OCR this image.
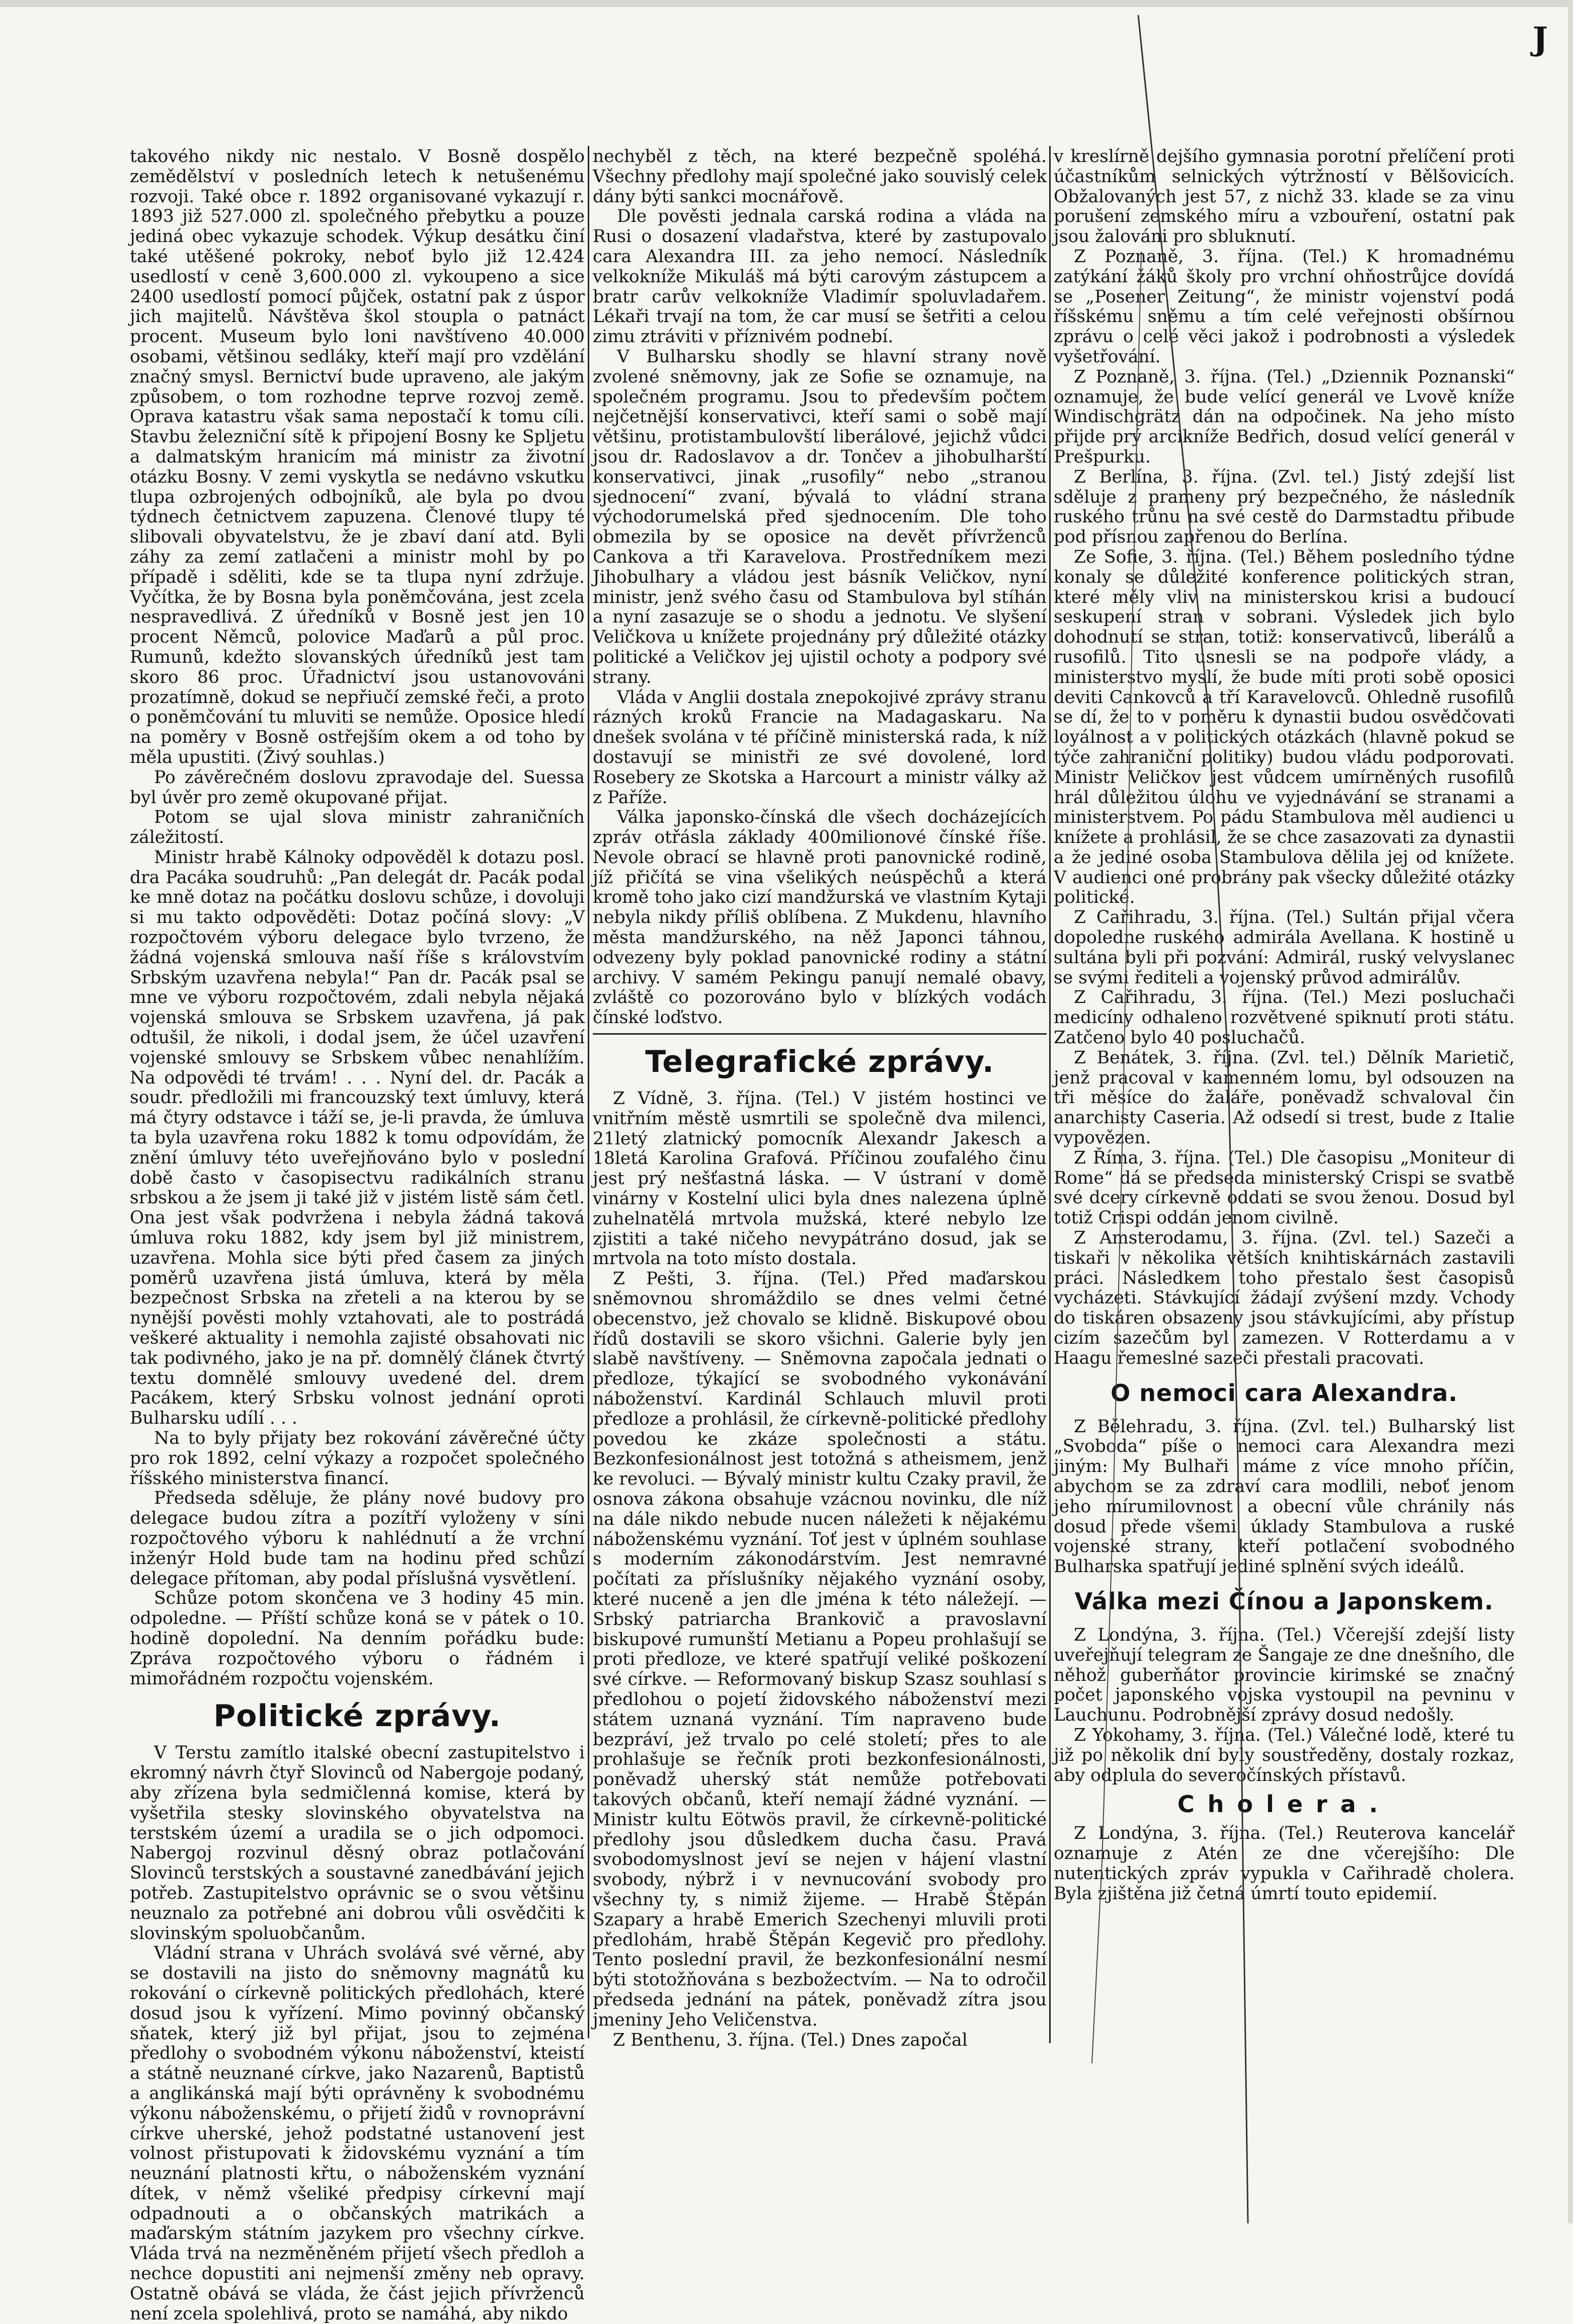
J

takového nikdy nic nestalo. V Bosně dospělo zemědělství v posledních letech k netušenému rozvoji. Také obce r. 1892 organisované vykazují r. 1893 již 527.000 zl. společného přebytku a pouze jediná obec vykazuje schodek. Výkup desátku činí také utěšené pokroky, neboť bylo již 12.424 usedlostí v ceně 3,600.000 zl. vykoupeno a sice 2400 usedlostí pomocí půjček, ostatní pak z úspor jich majitelů. Návštěva škol stoupla o patnáct procent. Museum bylo loni navštíveno 40.000 osobami, většinou sedláky, kteří mají pro vzdělání značný smysl. Bernictví bude upraveno, ale jakým způsobem, o tom rozhodne teprve rozvoj země. Oprava katastru však sama nepostačí k tomu cíli. Stavbu železniční sítě k připojení Bosny ke Spljetu a dalmatským hranicím má ministr za životní otázku Bosny. V zemi vyskytla se nedávno vskutku tlupa ozbrojených odbojníků, ale byla po dvou týdnech četnictvem zapuzena. Členové tlupy té slibovali obyvatelstvu, že je zbaví daní atd. Byli záhy za zemí zatlačeni a ministr mohl by po případě i sděliti, kde se ta tlupa nyní zdržuje. Vyčítka, že by Bosna byla poněmčována, jest zcela nespravedlivá. Z úředníků v Bosně jest jen 10 procent Němců, polovice Maďarů a půl proc. Rumunů, kdežto slovanských úředníků jest tam skoro 86 proc. Úřadnictví jsou ustanovováni prozatímně, dokud se nepřiučí zemské řeči, a proto o poněmčování tu mluviti se nemůže. Oposice hledí na poměry v Bosně ostřejším okem a od toho by měla upustiti. (Živý souhlas.)

Po závěrečném doslovu zpravodaje del. Suessa byl úvěr pro země okupované přijat.

Potom se ujal slova ministr zahraničních záležitostí.

Ministr hrabě Kálnoky odpověděl k dotazu posl. dra Pacáka soudruhů: „Pan delegát dr. Pacák podal ke mně dotaz na počátku doslovu schůze, i dovoluji si mu takto odpověděti: Dotaz počíná slovy: „V rozpočtovém výboru delegace bylo tvrzeno, že žádná vojenská smlouva naší říše s královstvím Srbským uzavřena nebyla!“ Pan dr. Pacák psal se mne ve výboru rozpočtovém, zdali nebyla nějaká vojenská smlouva se Srbskem uzavřena, já pak odtušil, že nikoli, i dodal jsem, že účel uzavření vojenské smlouvy se Srbskem vůbec nenahlížím. Na odpovědi té trvám! . . . Nyní del. dr. Pacák a soudr. předložili mi francouzský text úmluvy, která má čtyry odstavce i táží se, je-li pravda, že úmluva ta byla uzavřena roku 1882 k tomu odpovídám, že znění úmluvy této uveřejňováno bylo v poslední době často v časopisectvu radikálních stranu srbskou a že jsem ji také již v jistém listě sám četl. Ona jest však podvržena i nebyla žádná taková úmluva roku 1882, kdy jsem byl již ministrem, uzavřena. Mohla sice býti před časem za jiných poměrů uzavřena jistá úmluva, která by měla bezpečnost Srbska na zřeteli a na kterou by se nynější pověsti mohly vztahovati, ale to postrádá veškeré aktuality i nemohla zajisté obsahovati nic tak podivného, jako je na př. domnělý článek čtvrtý textu domnělé smlouvy uvedené del. drem Pacákem, který Srbsku volnost jednání oproti Bulharsku udílí . . .

Na to byly přijaty bez rokování závěrečné účty pro rok 1892, celní výkazy a rozpočet společného říšského ministerstva financí.

Předseda sděluje, že plány nové budovy pro delegace budou zítra a pozítří vyloženy v síni rozpočtového výboru k nahlédnutí a že vrchní inženýr Hold bude tam na hodinu před schůzí delegace přítoman, aby podal příslušná vysvětlení.

Schůze potom skončena ve 3 hodiny 45 min. odpoledne. — Příští schůze koná se v pátek o 10. hodině dopolední. Na denním pořádku bude: Zpráva rozpočtového výboru o řádném i mimořádném rozpočtu vojenském.

Politické zprávy.

V Terstu zamítlo italské obecní zastupitelstvo i ekromný návrh čtyř Slovinců od Nabergoje podaný, aby zřízena byla sedmičlenná komise, která by vyšetřila stesky slovinského obyvatelstva na terstském území a uradila se o jich odpomoci. Nabergoj rozvinul děsný obraz potlačování Slovinců terstských a soustavné zanedbávání jejich potřeb. Zastupitelstvo oprávnic se o svou většinu neuznalo za potřebné ani dobrou vůli osvědčiti k slovinským spoluobčanům.

Vládní strana v Uhrách svolává své věrné, aby se dostavili na jisto do sněmovny magnátů ku rokování o církevně politických předlohách, které dosud jsou k vyřízení. Mimo povinný občanský sňatek, který již byl přijat, jsou to zejména předlohy o svobodném výkonu náboženství, kteistí a státně neuznané církve, jako Nazarenů, Baptistů a anglikánská mají býti oprávněny k svobodnému výkonu náboženskému, o přijetí židů v rovnoprávní církve uherské, jehož podstatné ustanovení jest volnost přistupovati k židovskému vyznání a tím neuznání platnosti křtu, o náboženském vyznání dítek, v němž všeliké předpisy církevní mají odpadnouti a o občanských matrikách a maďarským státním jazykem pro všechny církve. Vláda trvá na nezměněném přijetí všech předloh a nechce dopustiti ani nejmenší změny neb opravy. Ostatně obává se vláda, že část jejich přívrženců není zcela spolehlivá, proto se namáhá, aby nikdo

nechyběl z těch, na které bezpečně spoléhá. Všechny předlohy mají společné jako souvislý celek dány býti sankci mocnářově.

Dle pověsti jednala carská rodina a vláda na Rusi o dosazení vladařstva, které by zastupovalo cara Alexandra III. za jeho nemocí. Následník velkokníže Mikuláš má býti carovým zástupcem a bratr carův velkokníže Vladimír spoluvladařem. Lékaři trvají na tom, že car musí se šetřiti a celou zimu ztráviti v příznivém podnebí.

V Bulharsku shodly se hlavní strany nově zvolené sněmovny, jak ze Sofie se oznamuje, na společném programu. Jsou to především počtem nejčetnější konservativci, kteří sami o sobě mají většinu, protistambulovští liberálové, jejichž vůdci jsou dr. Radoslavov a dr. Tončev a jihobulharští konservativci, jinak „rusofily“ nebo „stranou sjednocení“ zvaní, bývalá to vládní strana východorumelská před sjednocením. Dle toho obmezila by se oposice na devět přívrženců Cankova a tři Karavelova. Prostředníkem mezi Jihobulhary a vládou jest básník Veličkov, nyní ministr, jenž svého času od Stambulova byl stíhán a nyní zasazuje se o shodu a jednotu. Ve slyšení Veličkova u knížete projednány prý důležité otázky politické a Veličkov jej ujistil ochoty a podpory své strany.

Vláda v Anglii dostala znepokojivé zprávy stranu rázných kroků Francie na Madagaskaru. Na dnešek svolána v té příčině ministerská rada, k níž dostavují se ministři ze své dovolené, lord Rosebery ze Skotska a Harcourt a ministr války až z Paříže.

Válka japonsko-čínská dle všech docházejících zpráv otřásla základy 400milionové čínské říše. Nevole obrací se hlavně proti panovnické rodině, jíž přičítá se vina všelikých neúspěchů a která kromě toho jako cizí mandžurská ve vlastním Kytaji nebyla nikdy příliš oblíbena. Z Mukdenu, hlavního města mandžurského, na něž Japonci táhnou, odvezeny byly poklad panovnické rodiny a státní archivy. V samém Pekingu panují nemalé obavy, zvláště co pozorováno bylo v blízkých vodách čínské loďstvo.

Telegrafické zprávy.

Z Vídně, 3. října. (Tel.) V jistém hostinci ve vnitřním městě usmrtili se společně dva milenci, 21letý zlatnický pomocník Alexandr Jakesch a 18letá Karolina Grafová. Příčinou zoufalého činu jest prý nešťastná láska. — V ústraní v domě vinárny v Kostelní ulici byla dnes nalezena úplně zuhelnatělá mrtvola mužská, které nebylo lze zjistiti a také ničeho nevypátráno dosud, jak se mrtvola na toto místo dostala.

Z Pešti, 3. října. (Tel.) Před maďarskou sněmovnou shromáždilo se dnes velmi četné obecenstvo, jež chovalo se klidně. Biskupové obou řídů dostavili se skoro všichni. Galerie byly jen slabě navštíveny. — Sněmovna započala jednati o předloze, týkající se svobodného vykonávání náboženství. Kardinál Schlauch mluvil proti předloze a prohlásil, že církevně-politické předlohy povedou ke zkáze společnosti a státu. Bezkonfesionálnost jest totožná s atheismem, jenž ke revoluci. — Bývalý ministr kultu Czaky pravil, že osnova zákona obsahuje vzácnou novinku, dle níž na dále nikdo nebude nucen náležeti k nějakému náboženskému vyznání. Toť jest v úplném souhlase s moderním zákonodárstvím. Jest nemravné počítati za příslušníky nějakého vyznání osoby, které nuceně a jen dle jména k této náležejí. — Srbský patriarcha Brankovič a pravoslavní biskupové rumunští Metianu a Popeu prohlašují se proti předloze, ve které spatřují veliké poškození své církve. — Reformovaný biskup Szasz souhlasí s předlohou o pojetí židovského náboženství mezi státem uznaná vyznání. Tím napraveno bude bezpráví, jež trvalo po celé století; přes to ale prohlašuje se řečník proti bezkonfesionálnosti, poněvadž uherský stát nemůže potřebovati takových občanů, kteří nemají žádné vyznání. — Ministr kultu Eötwös pravil, že církevně-politické předlohy jsou důsledkem ducha času. Pravá svobodomyslnost jeví se nejen v hájení vlastní svobody, nýbrž i v nevnucování svobody pro všechny ty, s nimiž žijeme. — Hrabě Štěpán Szapary a hrabě Emerich Szechenyi mluvili proti předlohám, hrabě Štěpán Kegevič pro předlohy. Tento poslední pravil, že bezkonfesionální nesmí býti stotožňována s bezbožectvím. — Na to odročil předseda jednání na pátek, poněvadž zítra jsou jmeniny Jeho Veličenstva.

Z Benthenu, 3. října. (Tel.) Dnes započal

v kreslírně dejšího gymnasia porotní přelíčení proti účastníkům selnických výtržností v Bělšovicích. Obžalovaných jest 57, z nichž 33. klade se za vinu porušení zemského míru a vzbouření, ostatní pak jsou žalováni pro sbluknutí.

Z Poznaně, 3. října. (Tel.) K hromadnému zatýkání žáků školy pro vrchní ohňostrůjce dovídá se „Posener Zeitung“, že ministr vojenství podá říšskému sněmu a tím celé veřejnosti obšírnou zprávu o celé věci jakož i podrobnosti a výsledek vyšetřování.

Z Poznaně, 3. října. (Tel.) „Dziennik Poznanski“ oznamuje, že bude velící generál ve Lvově kníže Windischgrätz dán na odpočinek. Na jeho místo přijde prý arcikníže Bedřich, dosud velící generál v Prešpurku.

Z Berlína, 3. října. (Zvl. tel.) Jistý zdejší list sděluje z prameny prý bezpečného, že následník ruského trůnu na své cestě do Darmstadtu přibude pod přísnou zapřenou do Berlína.

Ze Sofie, 3. října. (Tel.) Během posledního týdne konaly se důležité konference politických stran, které měly vliv na ministerskou krisi a budoucí seskupení stran v sobrani. Výsledek jich bylo dohodnutí se stran, totiž: konservativců, liberálů a rusofilů. Tito usnesli se na podpoře vlády, a ministerstvo myslí, že bude míti proti sobě oposici deviti Cankovců a tří Karavelovců. Ohledně rusofilů se dí, že to v poměru k dynastii budou osvědčovati loyálnost a v politických otázkách (hlavně pokud se týče zahraniční politiky) budou vládu podporovati. Ministr Veličkov jest vůdcem umírněných rusofilů hrál důležitou úlohu ve vyjednávání se stranami a ministerstvem. Po pádu Stambulova měl audienci u knížete a prohlásil, že se chce zasazovati za dynastii a že jediné osoba Stambulova dělila jej od knížete. V audienci oné probrány pak všecky důležité otázky politické.

Z Cařihradu, 3. října. (Tel.) Sultán přijal včera dopoledne ruského admirála Avellana. K hostině u sultána byli při pozvání: Admirál, ruský velvyslanec se svými řediteli a vojenský průvod admirálův.

Z Cařihradu, 3. října. (Tel.) Mezi posluchači medicíny odhaleno rozvětvené spiknutí proti státu. Zatčeno bylo 40 posluchačů.

Z Benátek, 3. října. (Zvl. tel.) Dělník Marietič, jenž pracoval v kamenném lomu, byl odsouzen na tři měsíce do žaláře, poněvadž schvaloval čin anarchisty Caseria. Až odsedí si trest, bude z Italie vypovězen.

Z Říma, 3. října. (Tel.) Dle časopisu „Moniteur di Rome“ dá se předseda ministerský Crispi se svatbě své dcery církevně oddati se svou ženou. Dosud byl totiž Crispi oddán jenom civilně.

Z Amsterodamu, 3. října. (Zvl. tel.) Sazeči a tiskaři v několika větších knihtiskárnách zastavili práci. Následkem toho přestalo šest časopisů vycházeti. Stávkující žádají zvýšení mzdy. Vchody do tiskáren obsazeny jsou stávkujícími, aby přístup cizím sazečům byl zamezen. V Rotterdamu a v Haagu řemeslné sazeči přestali pracovati.

O nemoci cara Alexandra.

Z Bělehradu, 3. října. (Zvl. tel.) Bulharský list „Svoboda“ píše o nemoci cara Alexandra mezi jiným: My Bulhaři máme z více mnoho příčin, abychom se za zdraví cara modlili, neboť jenom jeho mírumilovnost a obecní vůle chránily nás dosud přede všemi úklady Stambulova a ruské vojenské strany, kteří potlačení svobodného Bulharska spatřují jediné splnění svých ideálů.

Válka mezi Čínou a Japonskem.

Z Londýna, 3. října. (Tel.) Včerejší zdejší listy uveřejňují telegram ze Šangaje ze dne dnešního, dle něhož guberňátor provincie kirimské se značný počet japonského vojska vystoupil na pevninu v Lauchunu. Podrobnější zprávy dosud nedošly.

Z Yokohamy, 3. října. (Tel.) Válečné lodě, které tu již po několik dní byly soustředěny, dostaly rozkaz, aby odplula do severočínských přístavů.

Cholera.

Z Londýna, 3. října. (Tel.) Reuterova kancelář oznamuje z Atén ze dne včerejšího: Dle nutentických zpráv vypukla v Cařihradě cholera. Byla zjištěna již četná úmrtí touto epidemií.
